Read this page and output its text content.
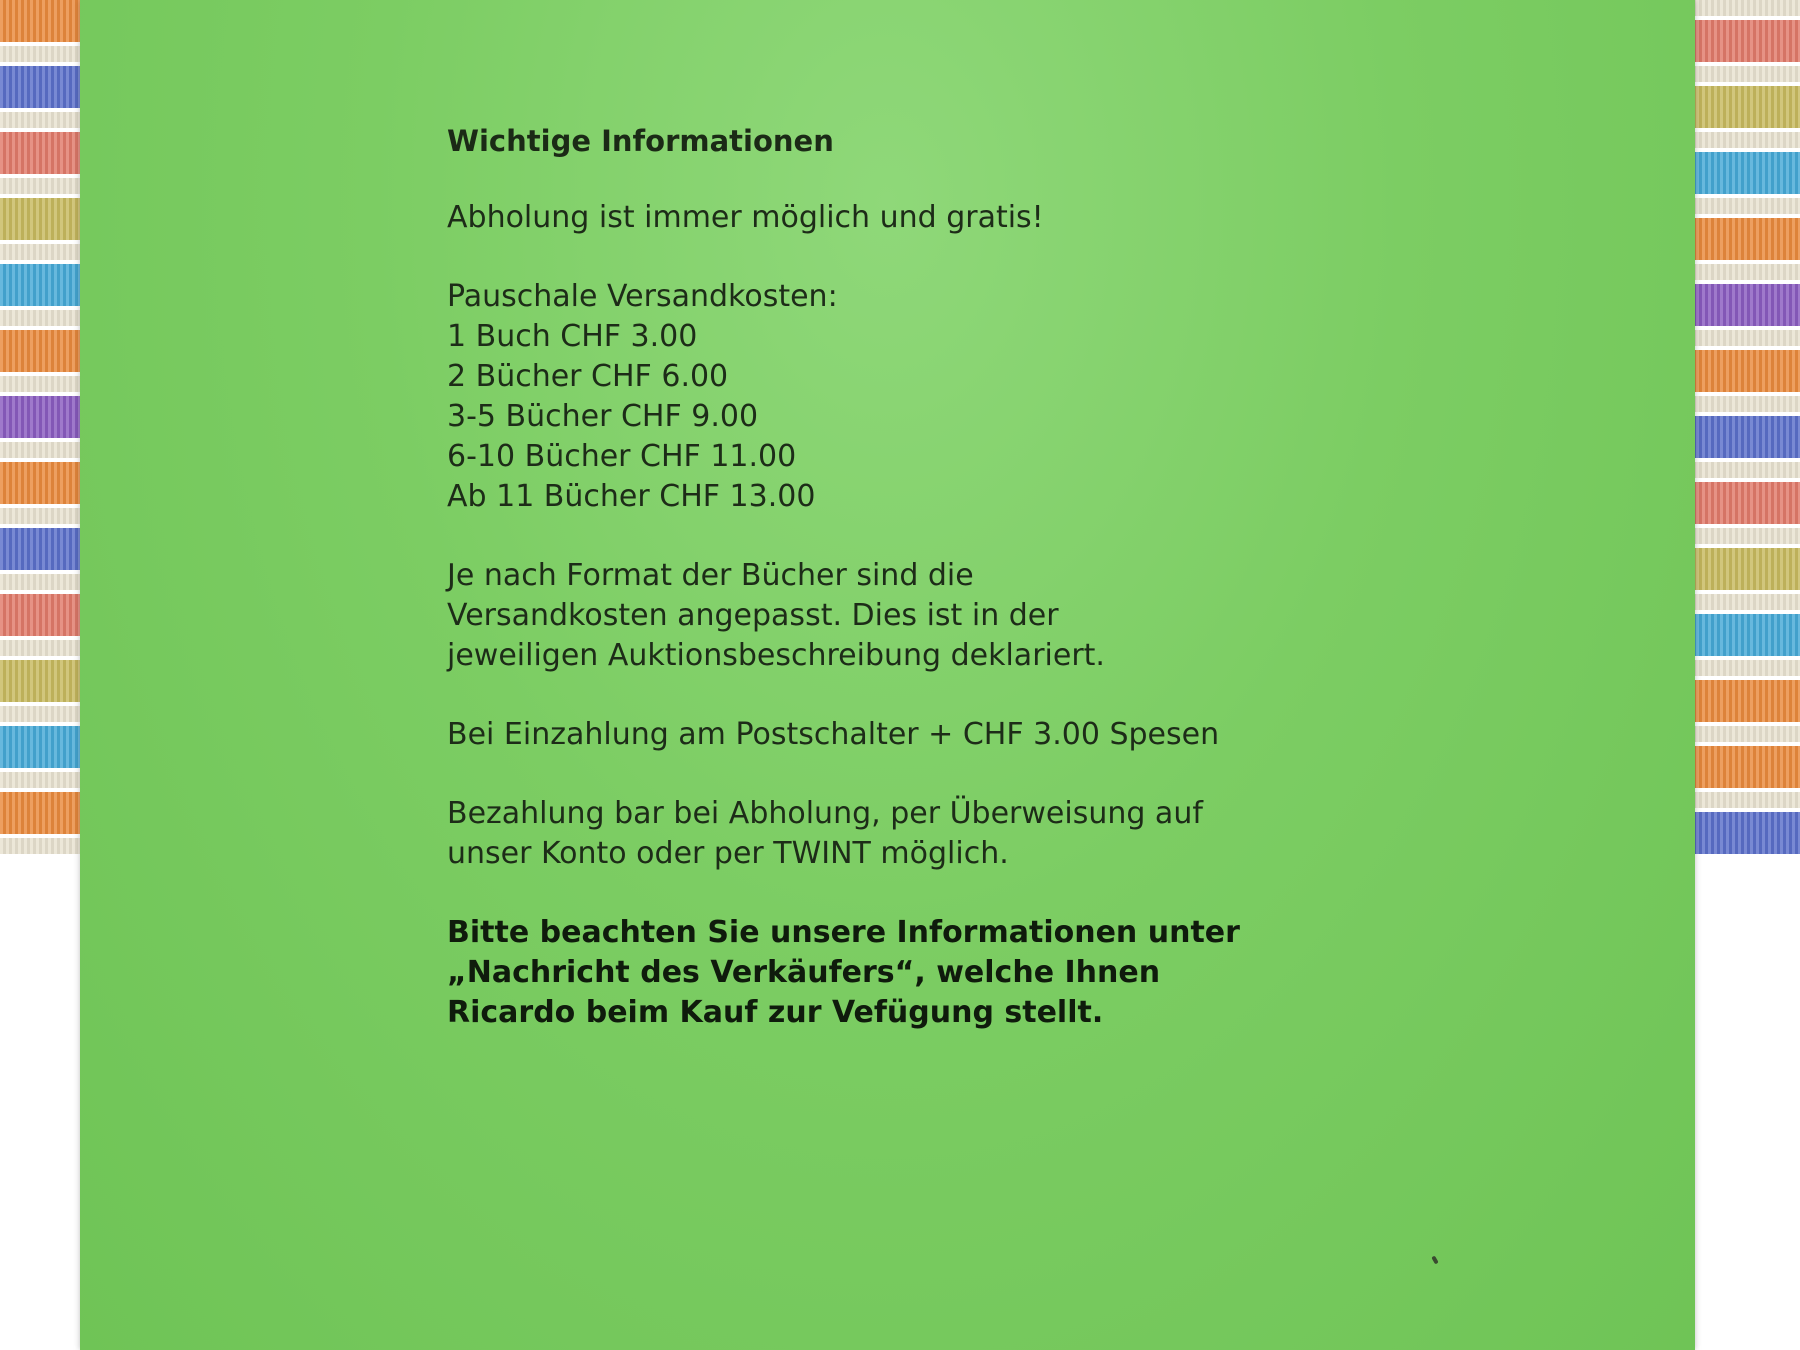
Wichtige Informationen
Abholung ist immer möglich und gratis!
Pauschale Versandkosten:
1 Buch CHF 3.00
2 Bücher CHF 6.00
3-5 Bücher CHF 9.00
6-10 Bücher CHF 11.00
Ab 11 Bücher CHF 13.00
Je nach Format der Bücher sind die
Versandkosten angepasst. Dies ist in der
jeweiligen Auktionsbeschreibung deklariert.
Bei Einzahlung am Postschalter + CHF 3.00 Spesen
Bezahlung bar bei Abholung, per Überweisung auf
unser Konto oder per TWINT möglich.
Bitte beachten Sie unsere Informationen unter
„Nachricht des Verkäufers“, welche Ihnen
Ricardo beim Kauf zur Vefügung stellt.
